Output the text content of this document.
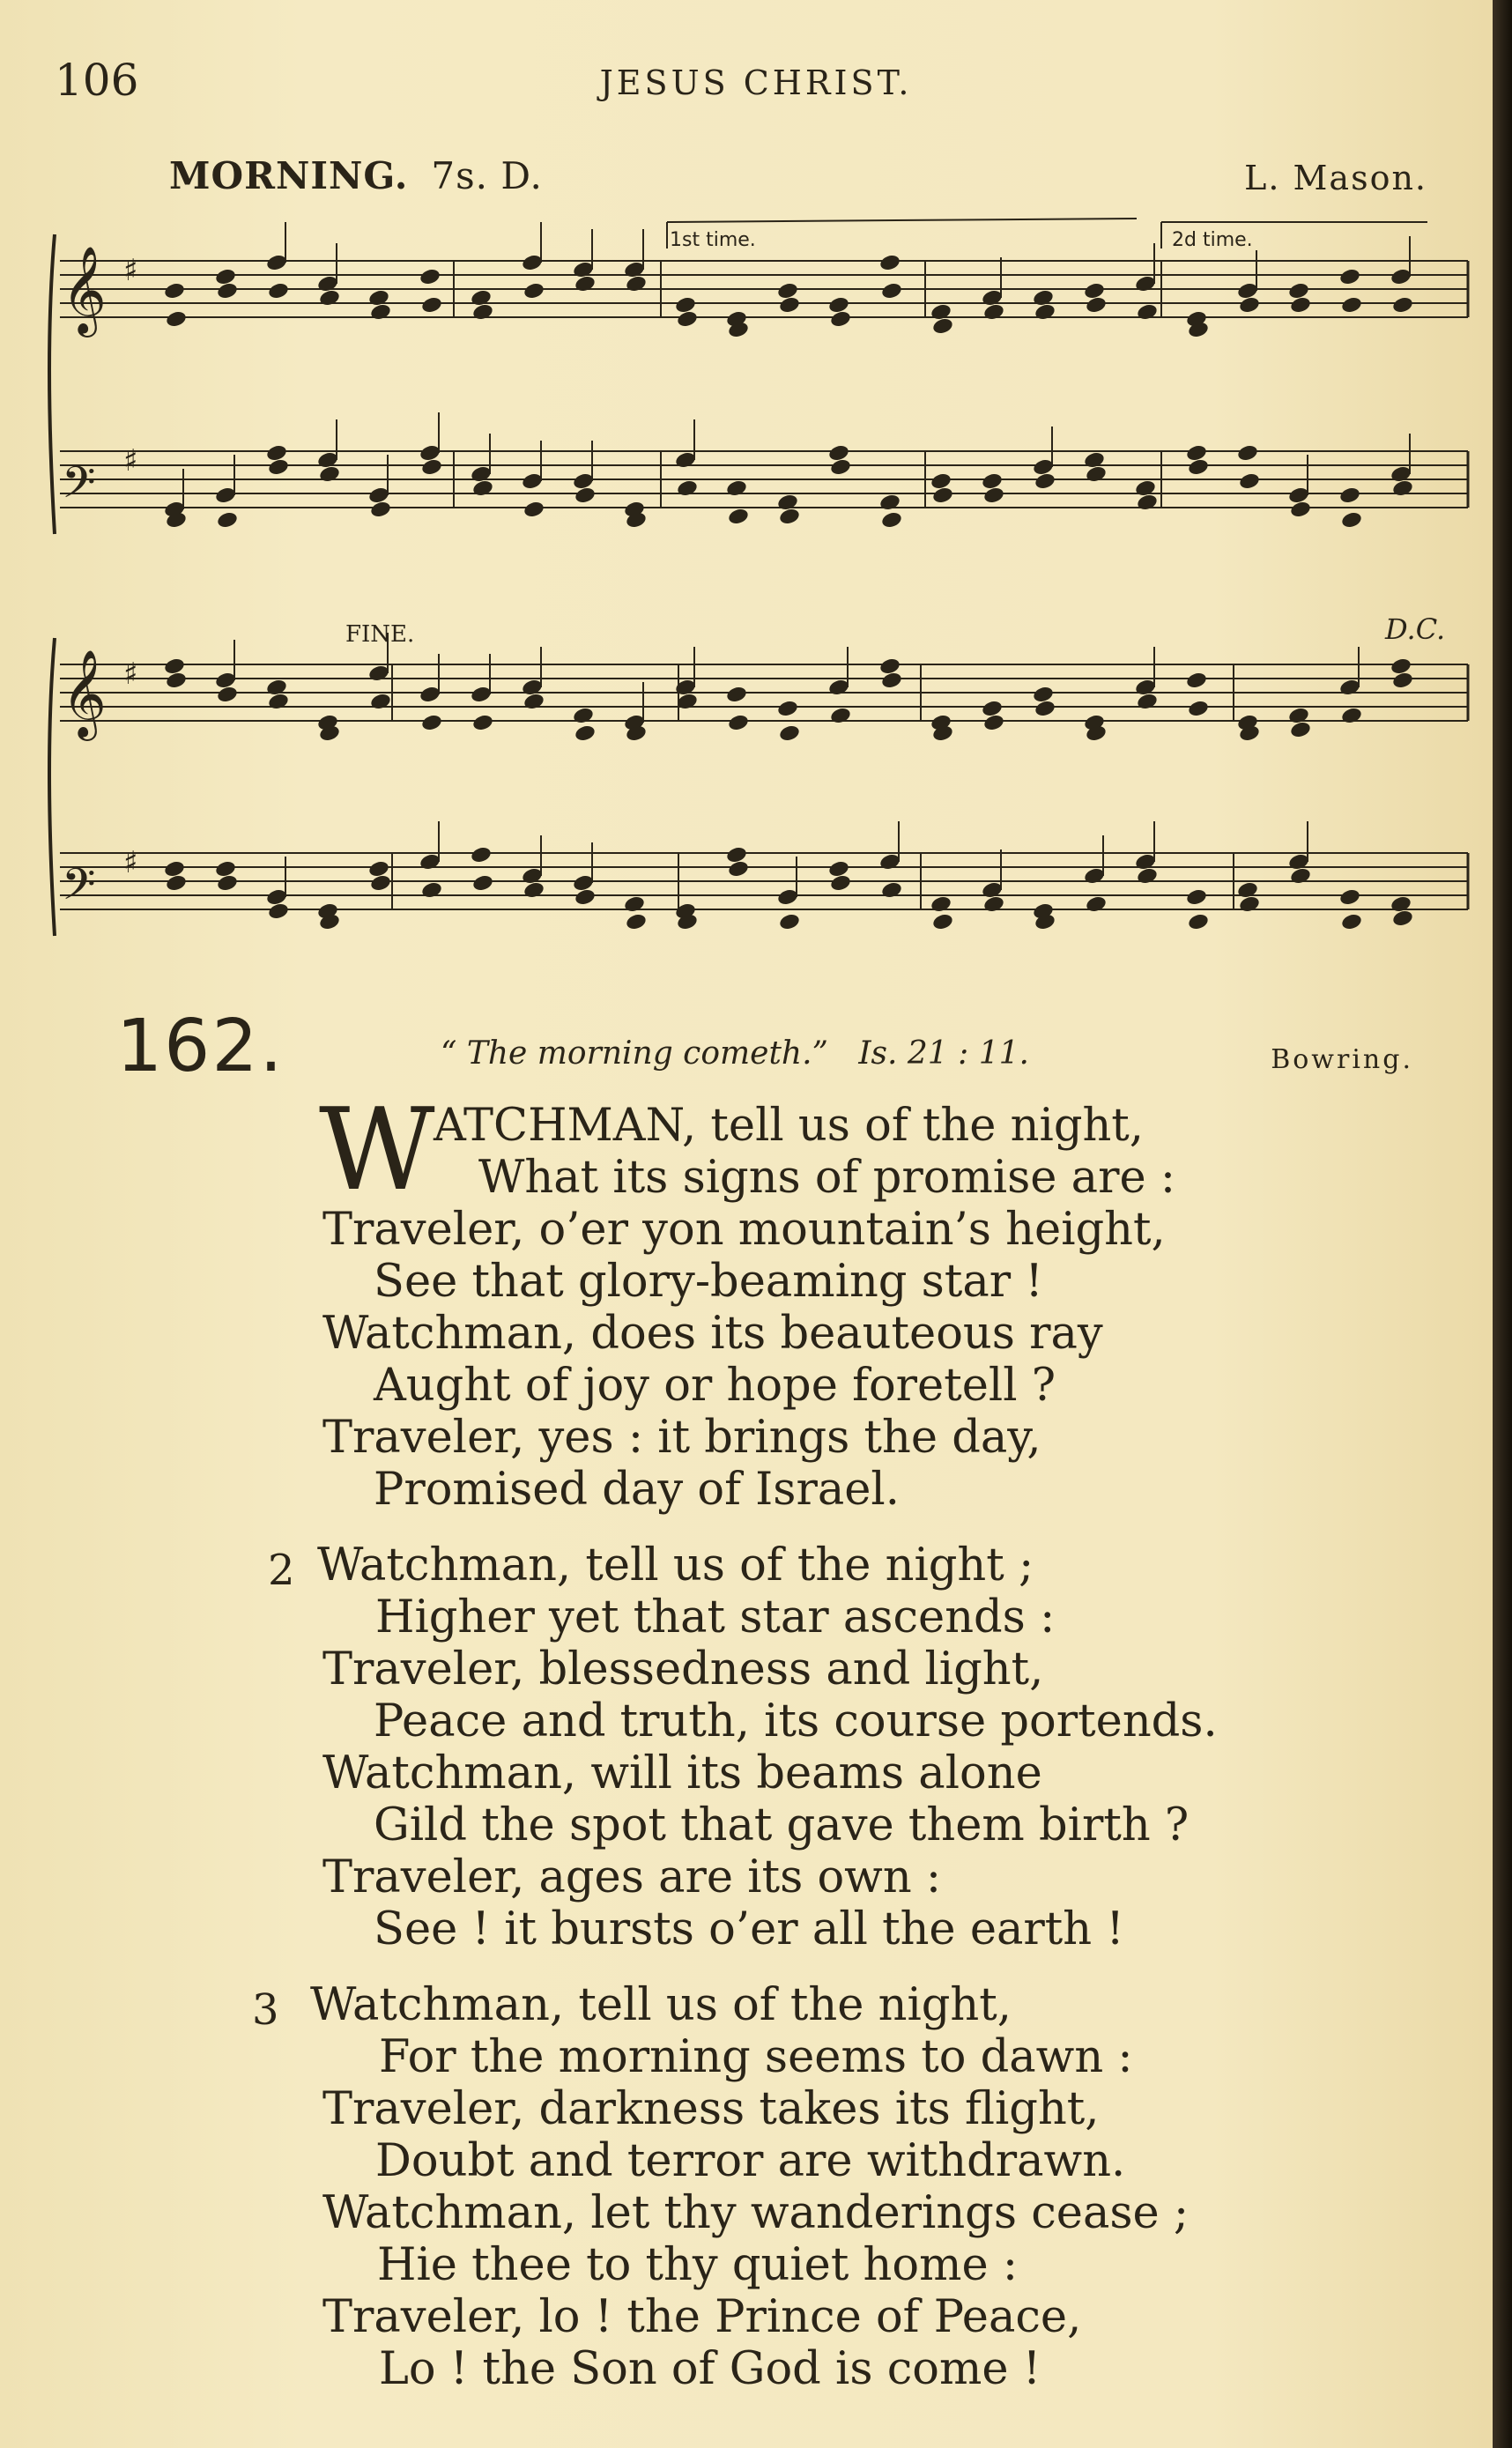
106	JESUS CHRIST.
MORNING. 7s. D.	L. Mason.
𝄞 ♯
𝄢 ♯
𝄞 ♯
𝄢 ♯
1st time.	2d time.
FINE.	D.C.
162.	“ The morning cometh.” Is. 21 : 11.	Bowring.
W
ATCHMAN, tell us of the night,
What its signs of promise are :
Traveler, o’er yon mountain’s height,
See that glory-beaming star !
Watchman, does its beauteous ray
Aught of joy or hope foretell ?
Traveler, yes : it brings the day,
Promised day of Israel.
2 Watchman, tell us of the night ;
Higher yet that star ascends :
Traveler, blessedness and light,
Peace and truth, its course portends.
Watchman, will its beams alone
Gild the spot that gave them birth ?
Traveler, ages are its own :
See ! it bursts o’er all the earth !
3 Watchman, tell us of the night,
For the morning seems to dawn :
Traveler, darkness takes its flight,
Doubt and terror are withdrawn.
Watchman, let thy wanderings cease ;
Hie thee to thy quiet home :
Traveler, lo ! the Prince of Peace,
Lo ! the Son of God is come !
